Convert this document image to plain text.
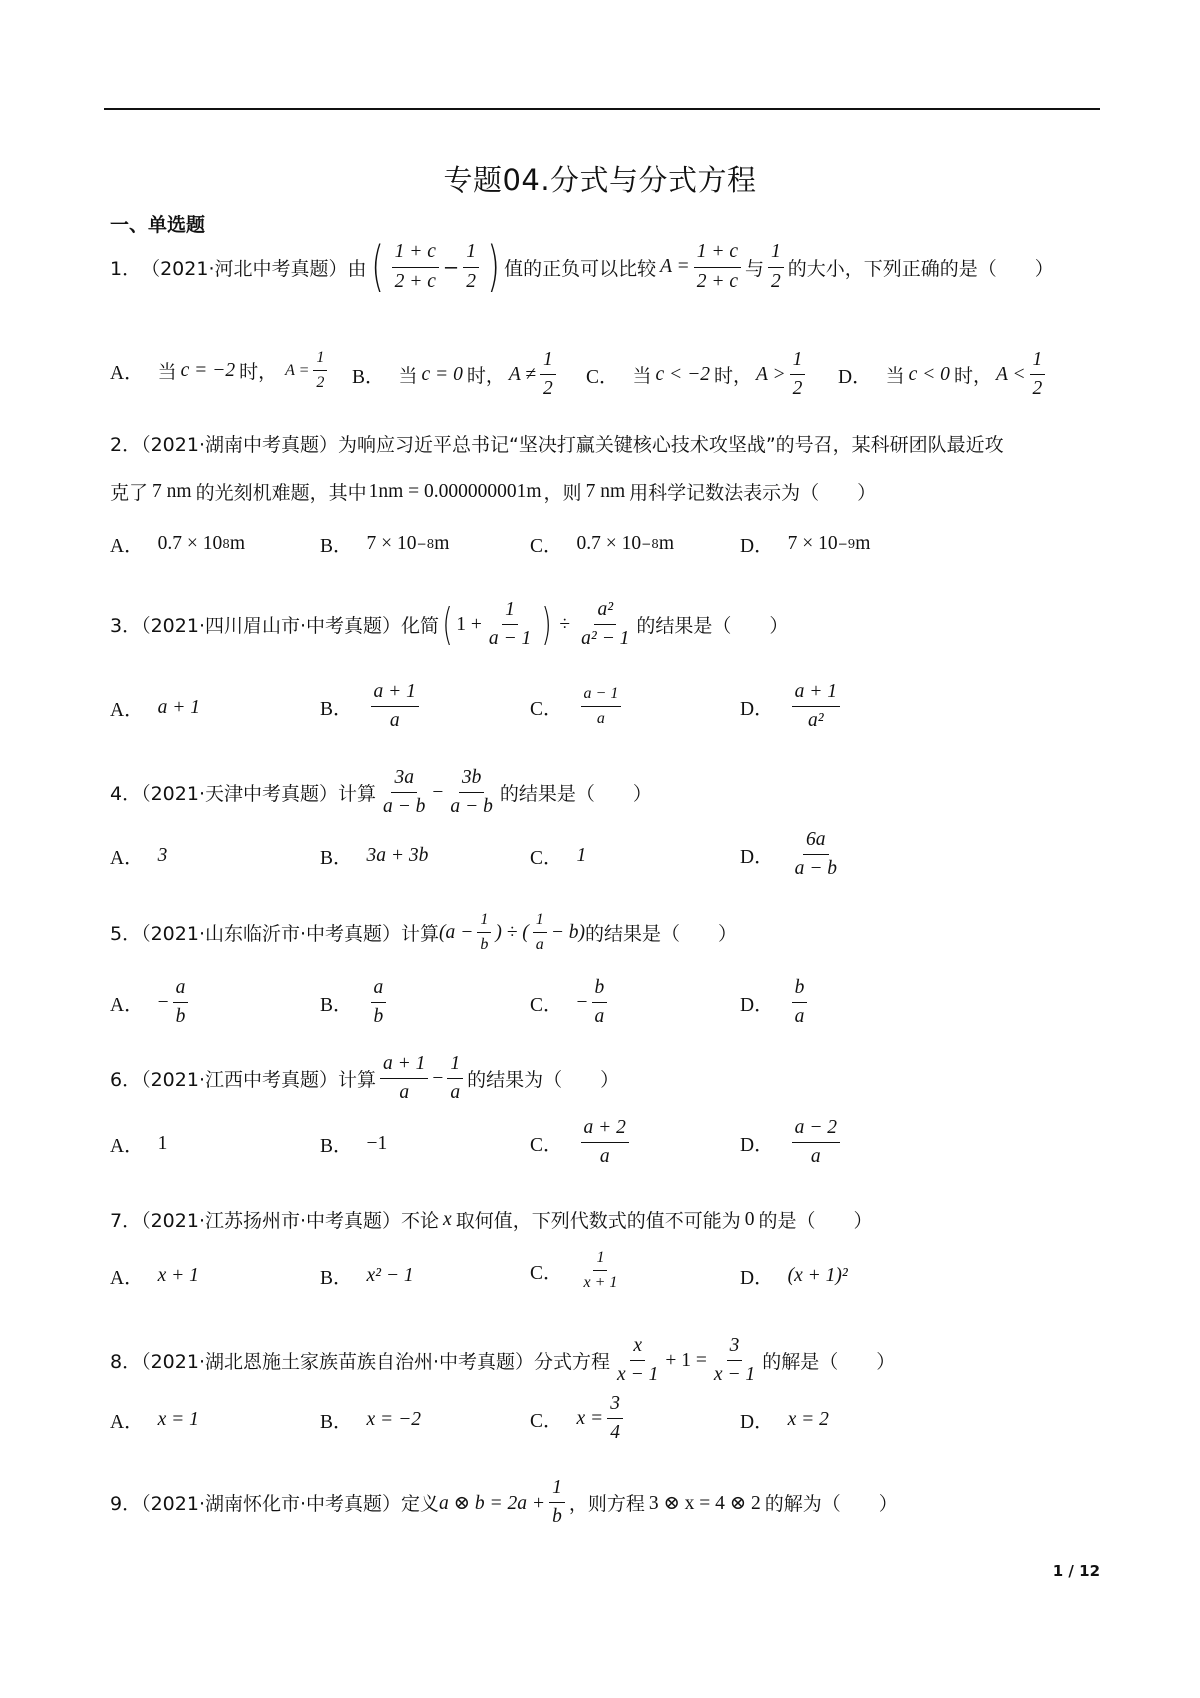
专题04.分式与分式方程
一、单选题
1． （2021·河北中考真题）由 ( $\frac{1 + c}{2 + c} - \frac{1}{2}$ ) 值的正负可以比较 $A = \frac{1 + c}{2 + c}$ 与 $\frac{1}{2}$ 的大小，下列正确的是（　　）
A． 当 c = −2 时， $A = \frac{1}{2}$ B． 当 c = 0 时， $A \ne \frac{1}{2}$ C． 当 c < −2 时， $A > \frac{1}{2}$ D． 当 c < 0 时， $A < \frac{1}{2}$
2．（2021·湖南中考真题）为响应习近平总书记“坚决打赢关键核心技术攻坚战”的号召，某科研团队最近攻
克了 7 nm 的光刻机难题，其中 1nm = 0.000000001m ，则 7 nm 用科学记数法表示为（　　）
A． 0.7 × 10 8 m	B． 7 × 10 −8 m	C． 0.7 × 10 −8 m	D． 7 × 10 −9 m
3．（2021·四川眉山市·中考真题）化简 ( $1 + \frac{1}{a - 1}$ ) ÷ $\frac{\text{a²}}{\text{a² − 1}}$ 的结果是（　　）
A． a + 1	B． $\frac{a + 1}{a}$	C． $\frac{a - 1}{a}$	D． $\frac{a + 1}{\text{a²}}$
4．（2021·天津中考真题）计算 $\frac{3a}{a - b} - \frac{3b}{a - b}$ 的结果是（　　）
A． 3	B． 3a + 3b	C． 1	D． $\frac{6a}{a - b}$
5．（2021·山东临沂市·中考真题）计算 ($a - \frac{1}{b}$ ) ÷ ( $\frac{1}{a} - b$) 的结果是（　　）
A． − $\frac{a}{b}$	B． $\frac{a}{b}$	C． − $\frac{b}{a}$	D． $\frac{b}{a}$
6．（2021·江西中考真题）计算 $\frac{a + 1}{a} - \frac{1}{a}$ 的结果为（　　）
A． 1	B． −1	C． $\frac{a + 2}{a}$	D． $\frac{a - 2}{a}$
7．（2021·江苏扬州市·中考真题）不论 x 取何值，下列代数式的值不可能为 0 的是（　　）
A． x + 1	B． x² − 1	C． $\frac{1}{x + 1}$	D． (x + 1)²
8．（2021·湖北恩施土家族苗族自治州·中考真题）分式方程 $\frac{x}{x - 1} + 1 = \frac{3}{x - 1}$ 的解是（　　）
A． x = 1	B． x = −2	C． $x = \frac{3}{4}$	D． x = 2
9．（2021·湖南怀化市·中考真题）定义 a ⊗ $b = 2a + \frac{1}{b}$ ，则方程 3 ⊗ x = 4 ⊗ 2 的解为（　　）
1 / 12
